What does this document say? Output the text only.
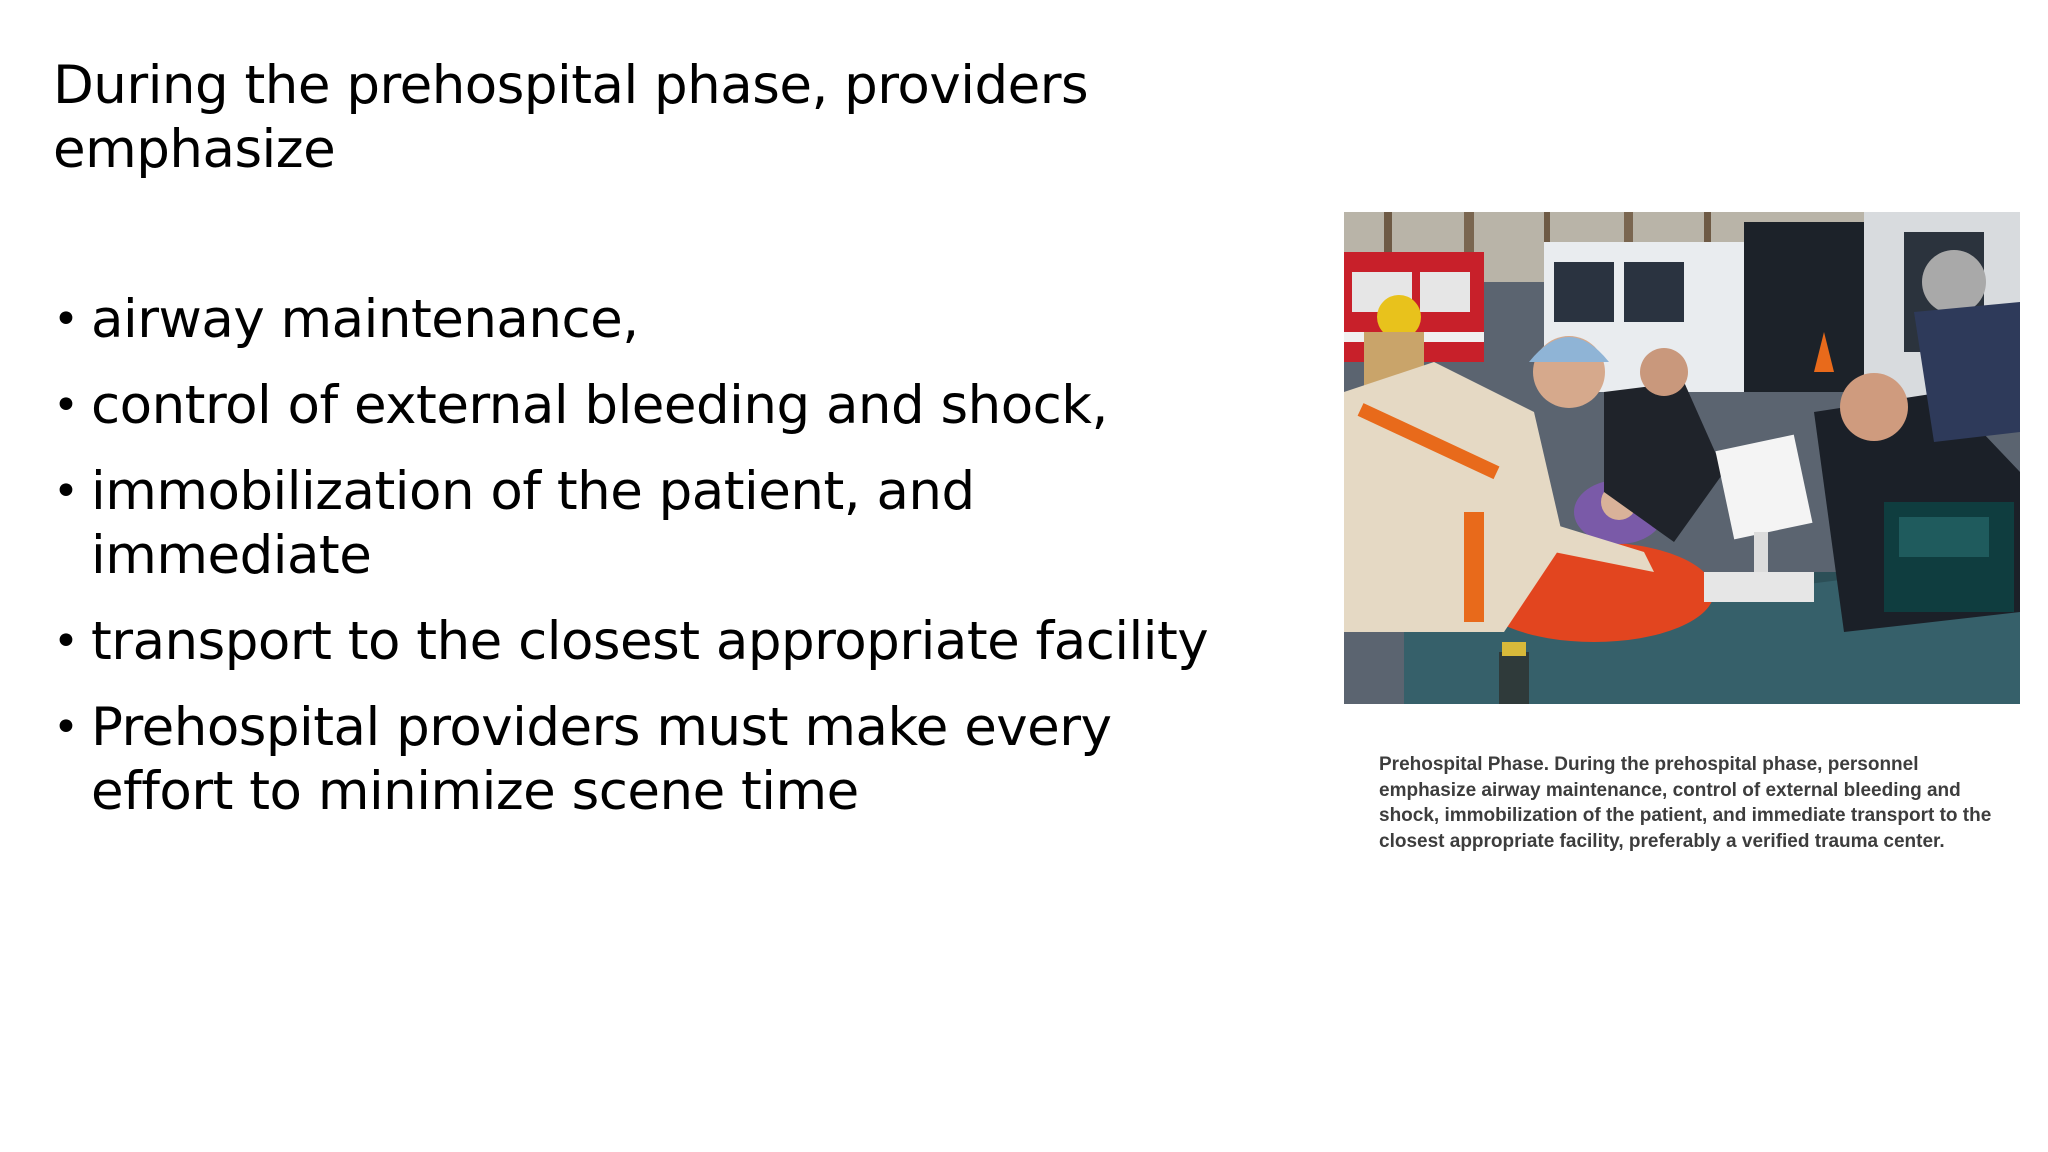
During the prehospital phase, providers emphasize
• airway maintenance,
• control of external bleeding and shock,
• immobilization of the patient, and immediate
• transport to the closest appropriate facility
• Prehospital providers must make every effort to minimize scene time	Prehospital Phase. During the prehospital phase, personnel emphasize airway maintenance, control of external bleeding and shock, immobilization of the patient, and immediate transport to the closest appropriate facility, preferably a verified trauma center.
